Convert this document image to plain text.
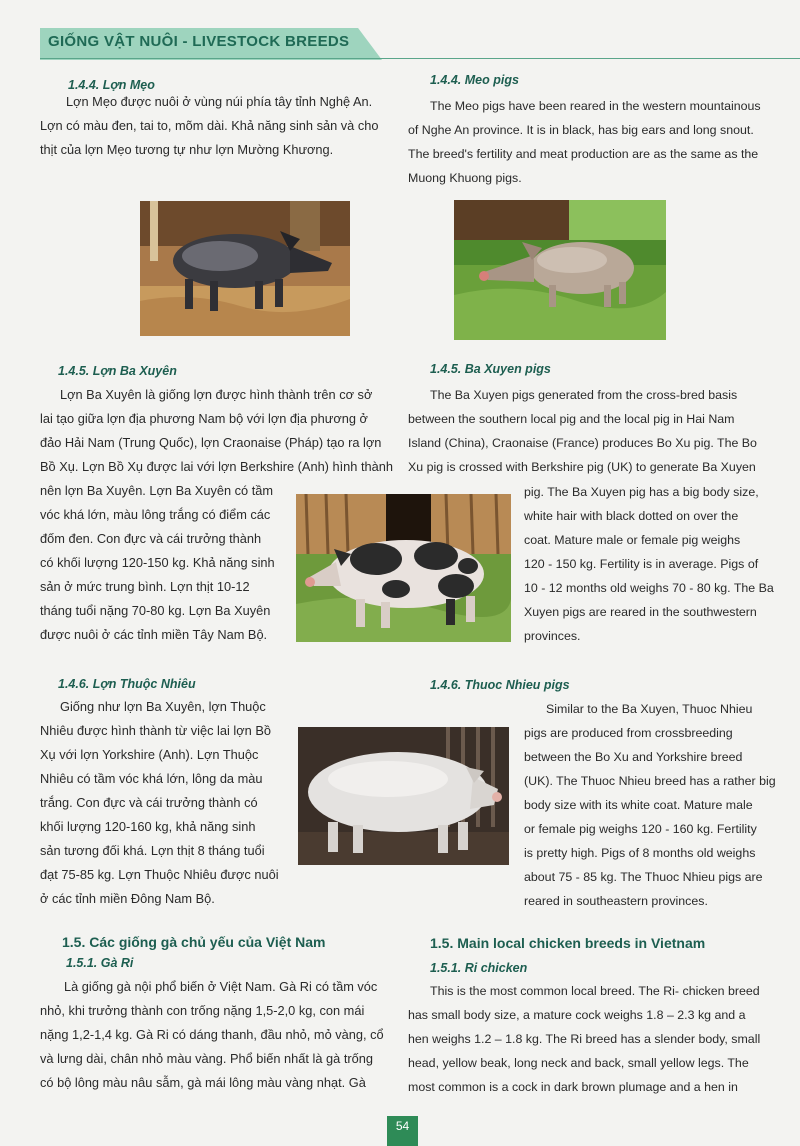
GIỐNG VẬT NUÔI - LIVESTOCK BREEDS
1.4.4. Lợn Mẹo

Lợn Mẹo được nuôi ở vùng núi phía tây tỉnh Nghệ An.

Lợn có màu đen, tai to, mõm dài. Khả năng sinh sản và cho

thịt của lợn Mẹo tương tự như lợn Mường Khương.

1.4.4. Meo pigs

The Meo pigs have been reared in the western mountainous

of Nghe An province. It is in black, has big ears and long snout.

The breed's fertility and meat production are as the same as the

Muong Khuong pigs.

1.4.5. Lợn Ba Xuyên

Lợn Ba Xuyên là giống lợn được hình thành trên cơ sở

lai tạo giữa lợn địa phương Nam bộ với lợn địa phương ở

đảo Hải Nam (Trung Quốc), lợn Craonaise (Pháp) tạo ra lợn

Bồ Xụ. Lợn Bồ Xụ được lai với lợn Berkshire (Anh) hình thành

nên lợn Ba Xuyên. Lợn Ba Xuyên có tầm

vóc khá lớn, màu lông trắng có điểm các

đốm đen. Con đực và cái trưởng thành

có khối lượng 120-150 kg. Khả năng sinh

sản ở mức trung bình. Lợn thịt 10-12

tháng tuổi nặng 70-80 kg. Lợn Ba Xuyên

được nuôi ở các tỉnh miền Tây Nam Bộ.

1.4.5. Ba Xuyen pigs

The Ba Xuyen pigs generated from the cross-bred basis

between the southern local pig and the local pig in Hai Nam

Island (China), Craonaise (France) produces Bo Xu pig. The Bo

Xu pig is crossed with Berkshire pig (UK) to generate Ba Xuyen

pig. The Ba Xuyen pig has a big body size,

white hair with black dotted on over the

coat. Mature male or female pig weighs

120 - 150 kg. Fertility is in average. Pigs of

10 - 12 months old weighs 70 - 80 kg. The Ba

Xuyen pigs are reared in the southwestern

provinces.

1.4.6. Lợn Thuộc Nhiêu

Giống như lợn Ba Xuyên, lợn Thuộc

Nhiêu được hình thành từ việc lai lợn Bồ

Xụ với lợn Yorkshire (Anh). Lợn Thuộc

Nhiêu có tầm vóc khá lớn, lông da màu

trắng. Con đực và cái trưởng thành có

khối lượng 120-160 kg, khả năng sinh

sản tương đối khá. Lợn thịt 8 tháng tuổi

đạt 75-85 kg. Lợn Thuộc Nhiêu được nuôi

ở các tỉnh miền Đông Nam Bộ.

1.4.6. Thuoc Nhieu pigs

Similar to the Ba Xuyen, Thuoc Nhieu

pigs are produced from crossbreeding

between the Bo Xu and Yorkshire breed

(UK). The Thuoc Nhieu breed has a rather big

body size with its white coat. Mature male

or female pig weighs 120 - 160 kg. Fertility

is pretty high. Pigs of 8 months old weighs

about 75 - 85 kg. The Thuoc Nhieu pigs are

reared in southeastern provinces.

1.5. Các giống gà chủ yếu của Việt Nam
1.5.1. Gà Ri

Là giống gà nội phổ biến ở Việt Nam. Gà Ri có tầm vóc

nhỏ, khi trưởng thành con trống nặng 1,5-2,0 kg, con mái

nặng 1,2-1,4 kg. Gà Ri có dáng thanh, đầu nhỏ, mỏ vàng, cổ

và lưng dài, chân nhỏ màu vàng. Phổ biến nhất là gà trống

có bộ lông màu nâu sẫm, gà mái lông màu vàng nhạt. Gà

1.5. Main local chicken breeds in Vietnam
1.5.1. Ri chicken

This is the most common local breed. The Ri- chicken breed

has small body size, a mature cock weighs 1.8 – 2.3 kg and a

hen weighs 1.2 – 1.8 kg. The Ri breed has a slender body, small

head, yellow beak, long neck and back, small yellow legs. The

most common is a cock in dark brown plumage and a hen in

54
